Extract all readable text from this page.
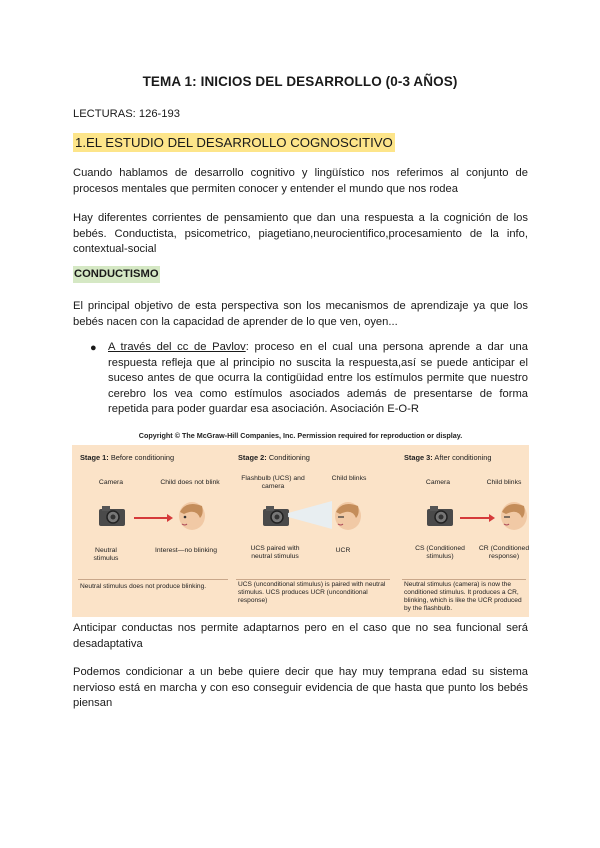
TEMA 1: INICIOS DEL DESARROLLO (0-3 AÑOS)
LECTURAS: 126-193
1.EL ESTUDIO DEL DESARROLLO COGNOSCITIVO
Cuando hablamos de desarrollo cognitivo y lingüístico nos referimos al conjunto de procesos mentales que permiten conocer y entender el mundo que nos rodea
Hay diferentes corrientes de pensamiento que dan una respuesta a la cognición de los bebés. Conductista, psicometrico, piagetiano,neurocientifico,procesamiento de la info, contextual-social
CONDUCTISMO
El principal objetivo de esta perspectiva son los mecanismos de aprendizaje ya que los bebés nacen con la capacidad de aprender de lo que ven, oyen...
● A través del cc de Pavlov: proceso en el cual una persona aprende a dar una respuesta refleja que al principio no suscita la respuesta,así se puede anticipar el suceso antes de que ocurra la contigüidad entre los estímulos permite que nuestro cerebro los vea como estímulos asociados además de presentarse de forma repetida para poder guardar esa asociación. Asociación E-O-R
Copyright © The McGraw-Hill Companies, Inc. Permission required for reproduction or display.
Stage 1: Before conditioning
Camera	Child does not blink
Neutral stimulus
Interest—no blinking
Neutral stimulus does not produce blinking.
Stage 2: Conditioning
Flashbulb (UCS) and camera
Child blinks
UCS paired with neutral stimulus
UCR
UCS (unconditional stimulus) is paired with neutral stimulus. UCS produces UCR (unconditional response)
Stage 3: After conditioning
Camera	Child blinks
CS (Conditioned stimulus)
CR (Conditioned response)
Neutral stimulus (camera) is now the conditioned stimulus. It produces a CR, blinking, which is like the UCR produced by the flashbulb.
Anticipar conductas nos permite adaptarnos pero en el caso que no sea funcional será desadaptativa
Podemos condicionar a un bebe quiere decir que hay muy temprana edad su sistema nervioso está en marcha y con eso conseguir evidencia de que hasta que punto los bebés piensan
